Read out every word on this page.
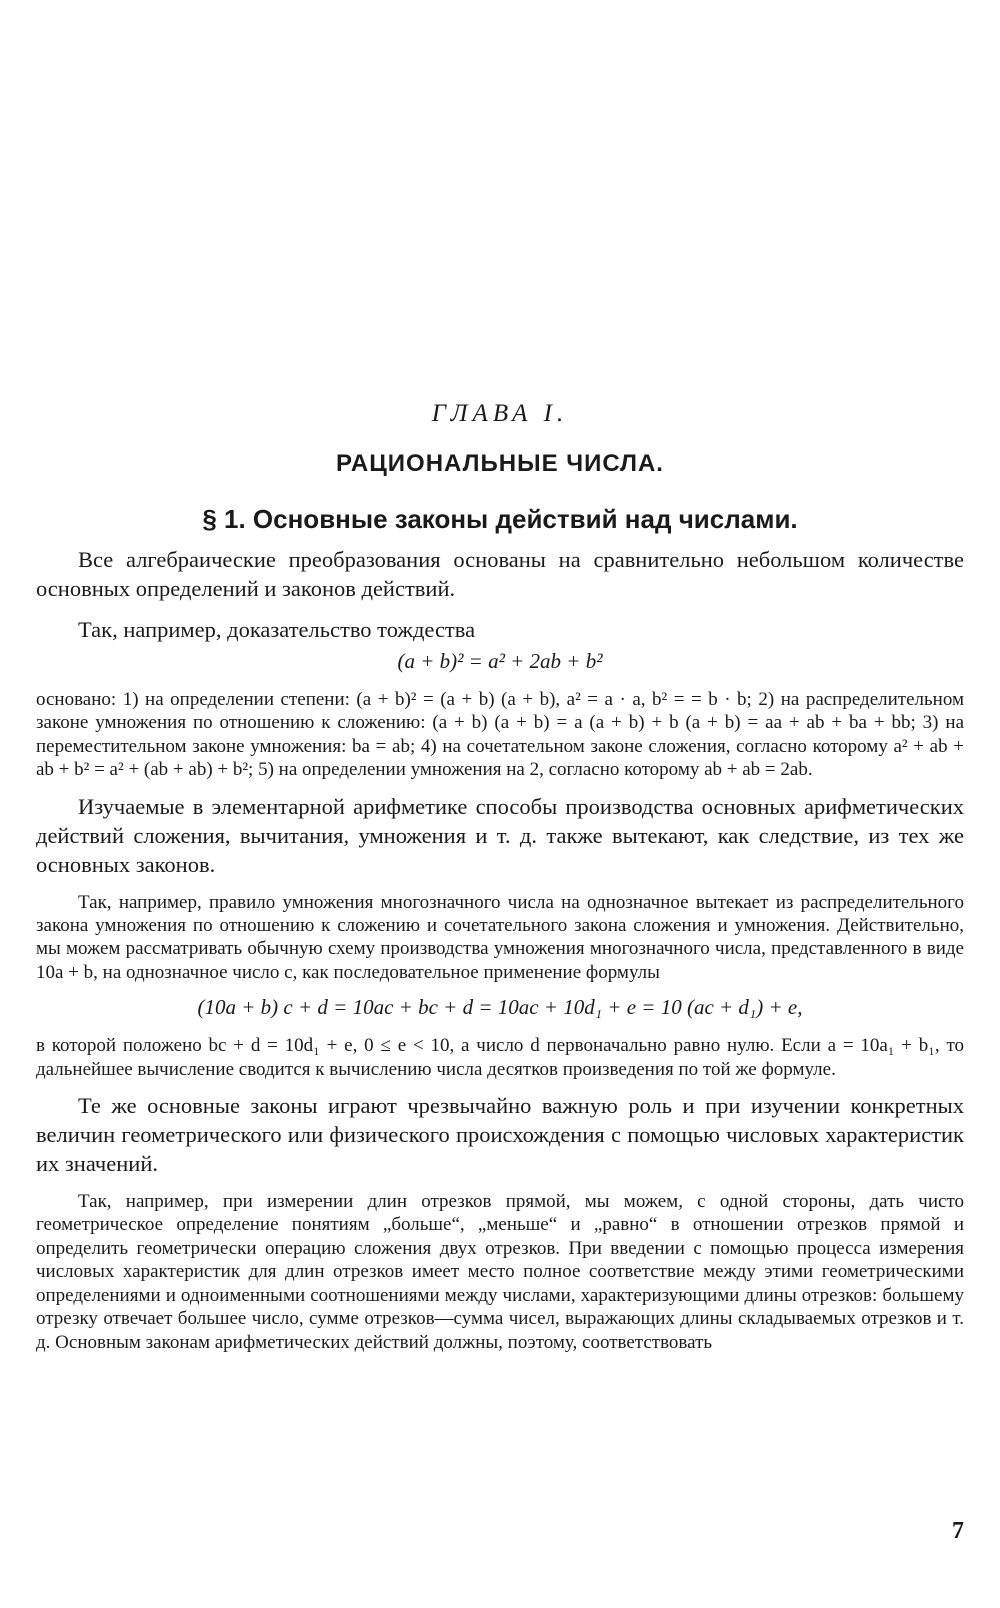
ГЛАВА I.
РАЦИОНАЛЬНЫЕ ЧИСЛА.
§ 1. Основные законы действий над числами.

Все алгебраические преобразования основаны на сравнительно небольшом количестве основных определений и законов действий.

Так, например, доказательство тождества

(a + b)² = a² + 2ab + b²

основано: 1) на определении степени: (a + b)² = (a + b) (a + b), a² = a · a, b² = = b · b; 2) на распределительном законе умножения по отношению к сложению: (a + b) (a + b) = a (a + b) + b (a + b) = aa + ab + ba + bb; 3) на переместительном законе умножения: ba = ab; 4) на сочетательном законе сложения, согласно которому a² + ab + ab + b² = a² + (ab + ab) + b²; 5) на определении умножения на 2, согласно которому ab + ab = 2ab.

Изучаемые в элементарной арифметике способы производства основных арифметических действий сложения, вычитания, умножения и т. д. также вытекают, как следствие, из тех же основных законов.

Так, например, правило умножения многозначного числа на однозначное вытекает из распределительного закона умножения по отношению к сложению и сочетательного закона сложения и умножения. Действительно, мы можем рассматривать обычную схему производства умножения многозначного числа, представленного в виде 10a + b, на однозначное число c, как последовательное применение формулы

(10a + b) c + d = 10ac + bc + d = 10ac + 10d₁ + e = 10 (ac + d₁) + e,

в которой положено bc + d = 10d₁ + e, 0 ≤ e < 10, а число d первоначально равно нулю. Если a = 10a₁ + b₁, то дальнейшее вычисление сводится к вычислению числа десятков произведения по той же формуле.

Те же основные законы играют чрезвычайно важную роль и при изучении конкретных величин геометрического или физического происхождения с помощью числовых характеристик их значений.

Так, например, при измерении длин отрезков прямой, мы можем, с одной стороны, дать чисто геометрическое определение понятиям „больше“, „меньше“ и „равно“ в отношении отрезков прямой и определить геометрически операцию сложения двух отрезков. При введении с помощью процесса измерения числовых характеристик для длин отрезков имеет место полное соответствие между этими геометрическими определениями и одноименными соотношениями между числами, характеризующими длины отрезков: большему отрезку отвечает большее число, сумме отрезков—сумма чисел, выражающих длины складываемых отрезков и т. д. Основным законам арифметических действий должны, поэтому, соответствовать

7
